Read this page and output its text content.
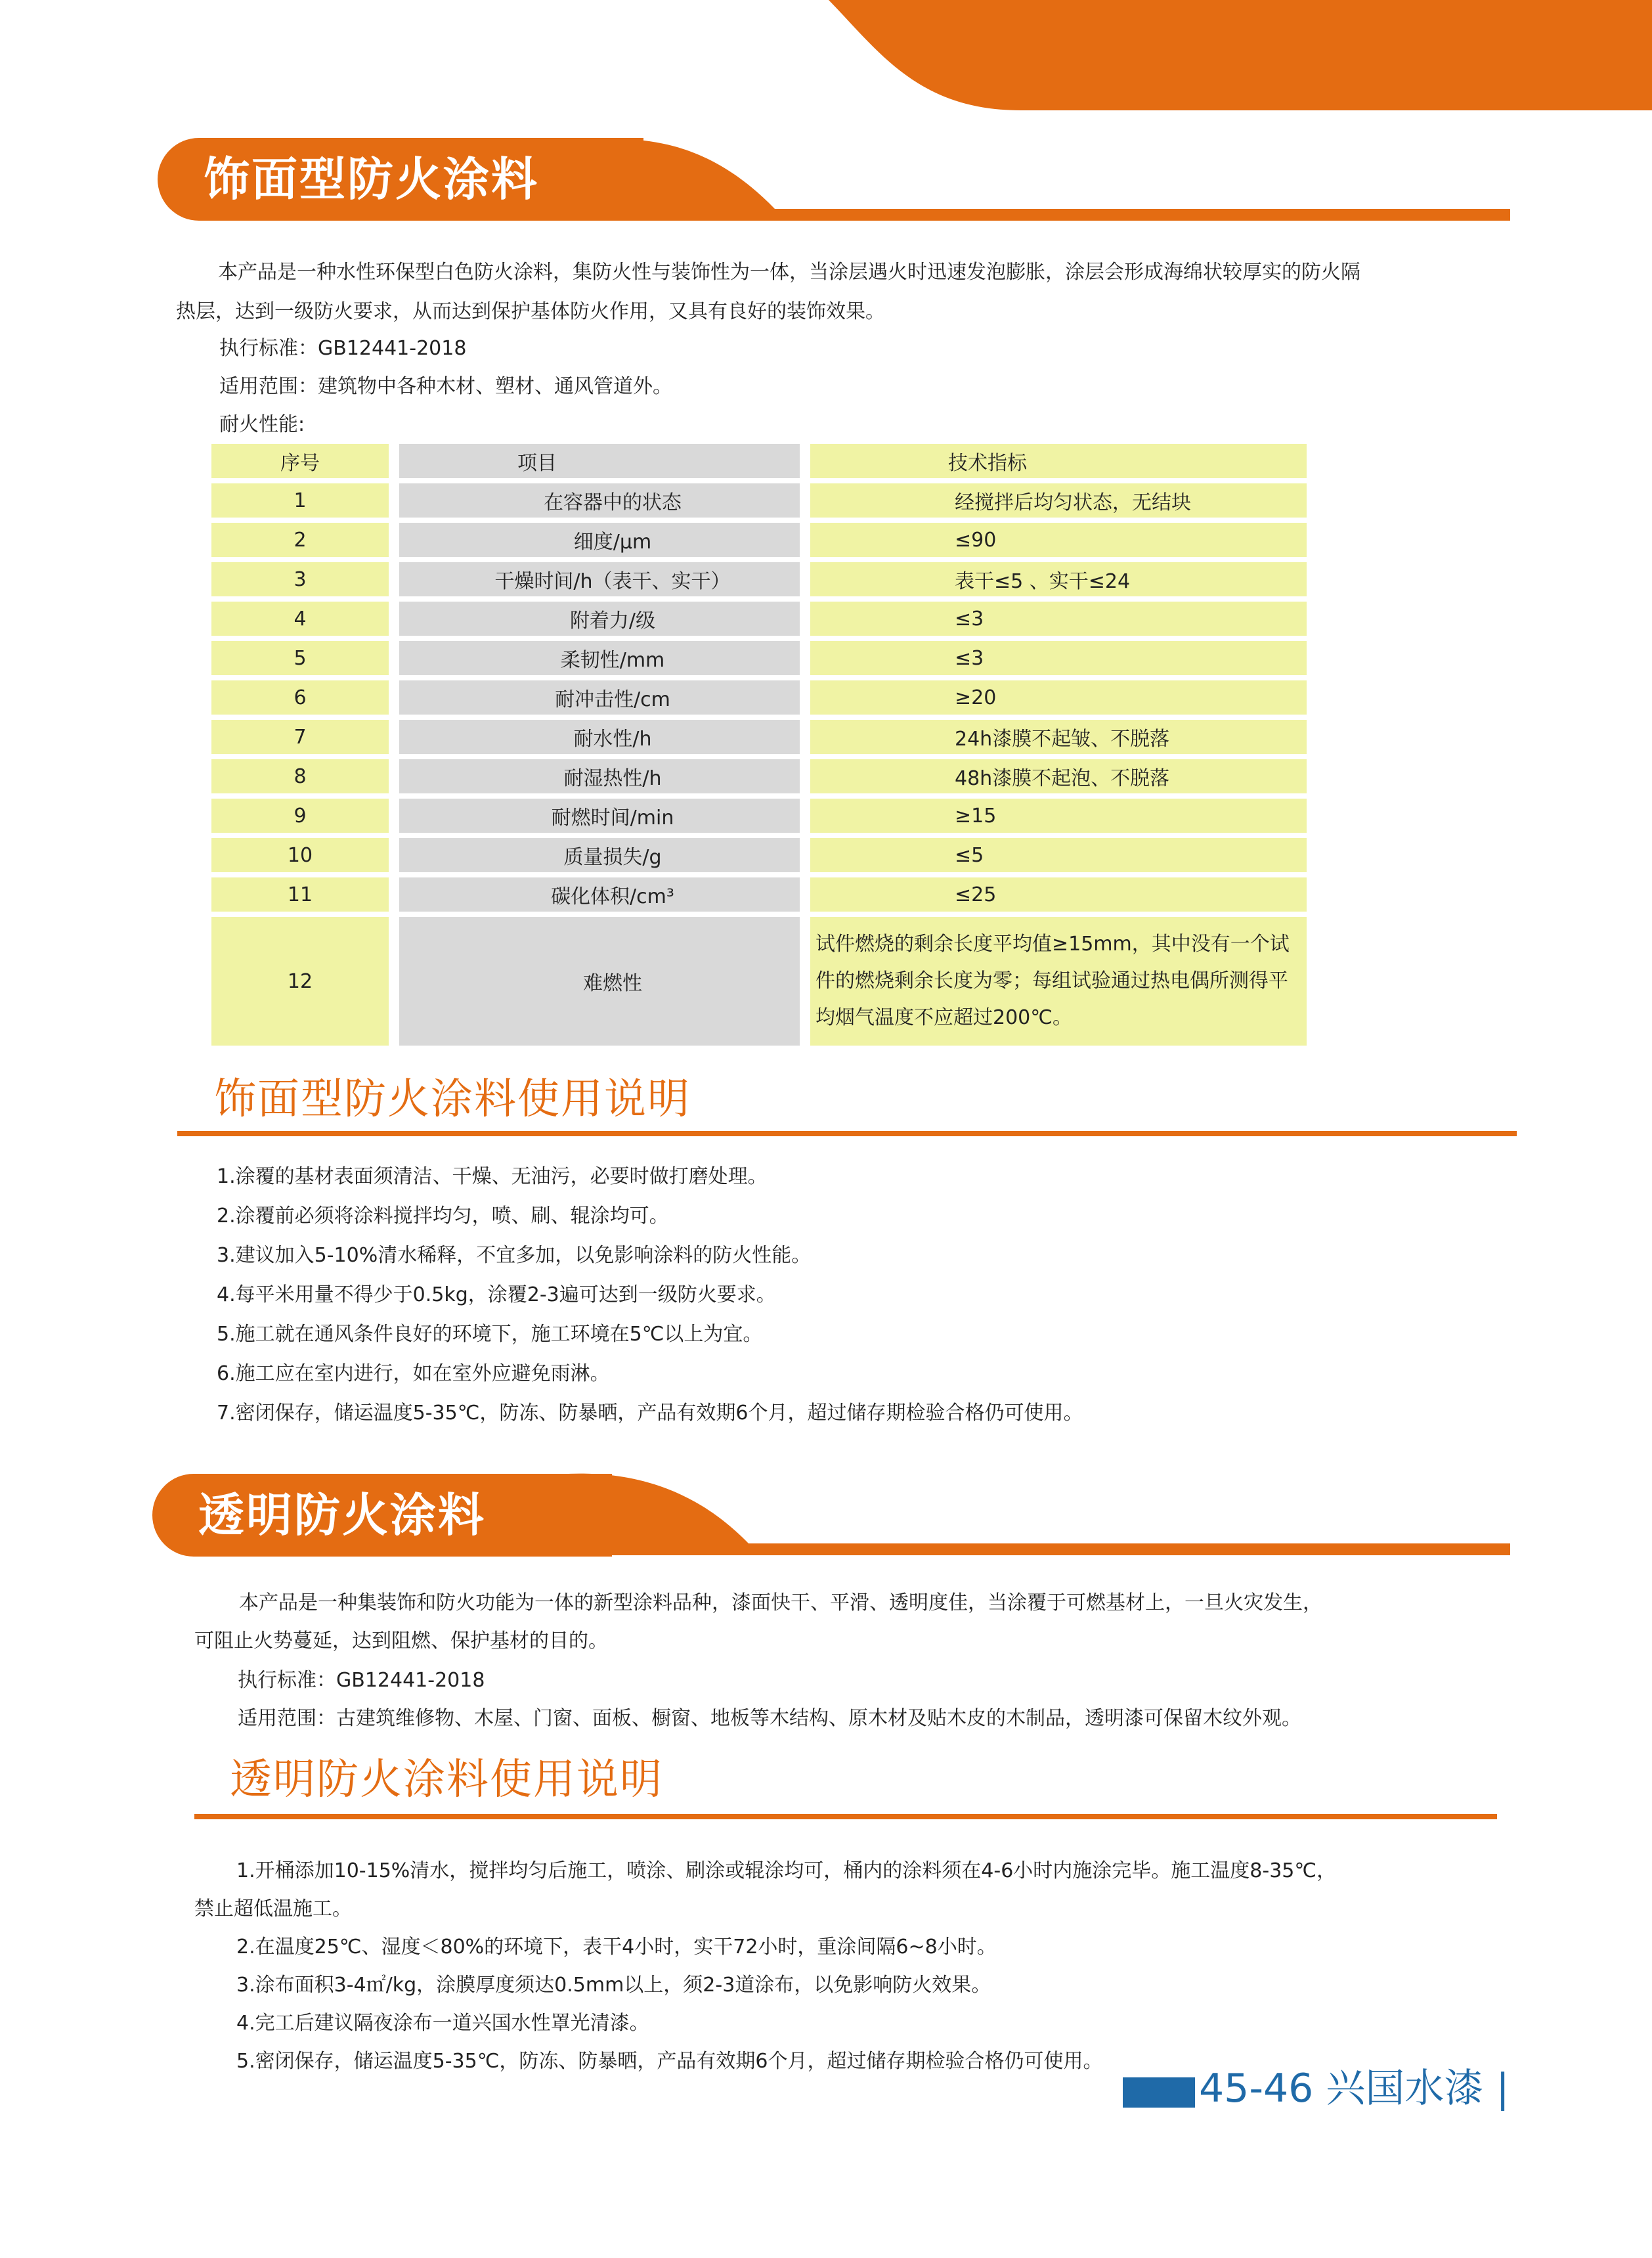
饰面型防火涂料

本产品是一种水性环保型白色防火涂料，集防火性与装饰性为一体，当涂层遇火时迅速发泡膨胀，涂层会形成海绵状较厚实的防火隔

热层，达到一级防火要求，从而达到保护基体防火作用，又具有良好的装饰效果。

执行标准：GB12441-2018

适用范围：建筑物中各种木材、塑材、通风管道外。

耐火性能:

序号	项目	技术指标

1	在容器中的状态	经搅拌后均匀状态，无结块

2	细度/μm	≤90

3	干燥时间/h（表干、实干）	表干≤5 、实干≤24

4	附着力/级	≤3

5	柔韧性/mm	≤3

6	耐冲击性/cm	≥20

7	耐水性/h	24h漆膜不起皱、不脱落

8	耐湿热性/h	48h漆膜不起泡、不脱落

9	耐燃时间/min	≥15

10	质量损失/g	≤5

11	碳化体积/cm³	≤25

12	难燃性	试件燃烧的剩余长度平均值≥15mm，其中没有一个试件的燃烧剩余长度为零；每组试验通过热电偶所测得平均烟气温度不应超过200℃。
饰面型防火涂料使用说明
1.涂覆的基材表面须清洁、干燥、无油污，必要时做打磨处理。
2.涂覆前必须将涂料搅拌均匀，喷、刷、辊涂均可。
3.建议加入5-10%清水稀释，不宜多加，以免影响涂料的防火性能。
4.每平米用量不得少于0.5kg，涂覆2-3遍可达到一级防火要求。
5.施工就在通风条件良好的环境下，施工环境在5℃以上为宜。
6.施工应在室内进行，如在室外应避免雨淋。
7.密闭保存，储运温度5-35℃，防冻、防暴晒，产品有效期6个月，超过储存期检验合格仍可使用。
透明防火涂料

本产品是一种集装饰和防火功能为一体的新型涂料品种，漆面快干、平滑、透明度佳，当涂覆于可燃基材上，一旦火灾发生，

可阻止火势蔓延，达到阻燃、保护基材的目的。

执行标准：GB12441-2018

适用范围：古建筑维修物、木屋、门窗、面板、橱窗、地板等木结构、原木材及贴木皮的木制品，透明漆可保留木纹外观。

透明防火涂料使用说明
1.开桶添加10-15%清水，搅拌均匀后施工，喷涂、刷涂或辊涂均可，桶内的涂料须在4-6小时内施涂完毕。施工温度8-35℃，
禁止超低温施工。
2.在温度25℃、湿度＜80%的环境下，表干4小时，实干72小时，重涂间隔6~8小时。
3.涂布面积3-4㎡/kg，涂膜厚度须达0.5mm以上，须2-3道涂布，以免影响防火效果。
4.完工后建议隔夜涂布一道兴国水性罩光清漆。
5.密闭保存，储运温度5-35℃，防冻、防暴晒，产品有效期6个月，超过储存期检验合格仍可使用。
45-46 兴国水漆 |
